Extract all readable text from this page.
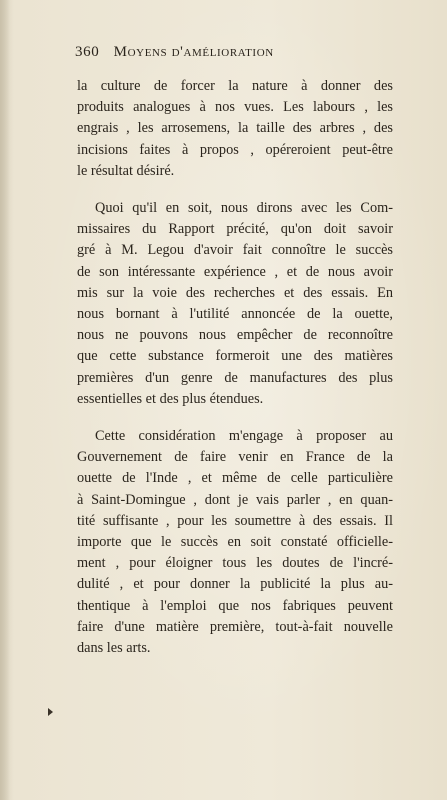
360 Moyens d'amélioration

la culture de forcer la nature à donner des
produits analogues à nos vues. Les labours , les
engrais , les arrosemens, la taille des arbres , des
incisions faites à propos , opéreroient peut-être
le résultat désiré.

Quoi qu'il en soit, nous dirons avec les Com-
missaires du Rapport précité, qu'on doit savoir
gré à M. Legou d'avoir fait connoître le succès
de son intéressante expérience , et de nous avoir
mis sur la voie des recherches et des essais. En
nous bornant à l'utilité annoncée de la ouette,
nous ne pouvons nous empêcher de reconnoître
que cette substance formeroit une des matières
premières d'un genre de manufactures des plus
essentielles et des plus étendues.

Cette considération m'engage à proposer au
Gouvernement de faire venir en France de la
ouette de l'Inde , et même de celle particulière
à Saint-Domingue , dont je vais parler , en quan-
tité suffisante , pour les soumettre à des essais. Il
importe que le succès en soit constaté officielle-
ment , pour éloigner tous les doutes de l'incré-
dulité , et pour donner la publicité la plus au-
thentique à l'emploi que nos fabriques peuvent
faire d'une matière première, tout-à-fait nouvelle
dans les arts.
